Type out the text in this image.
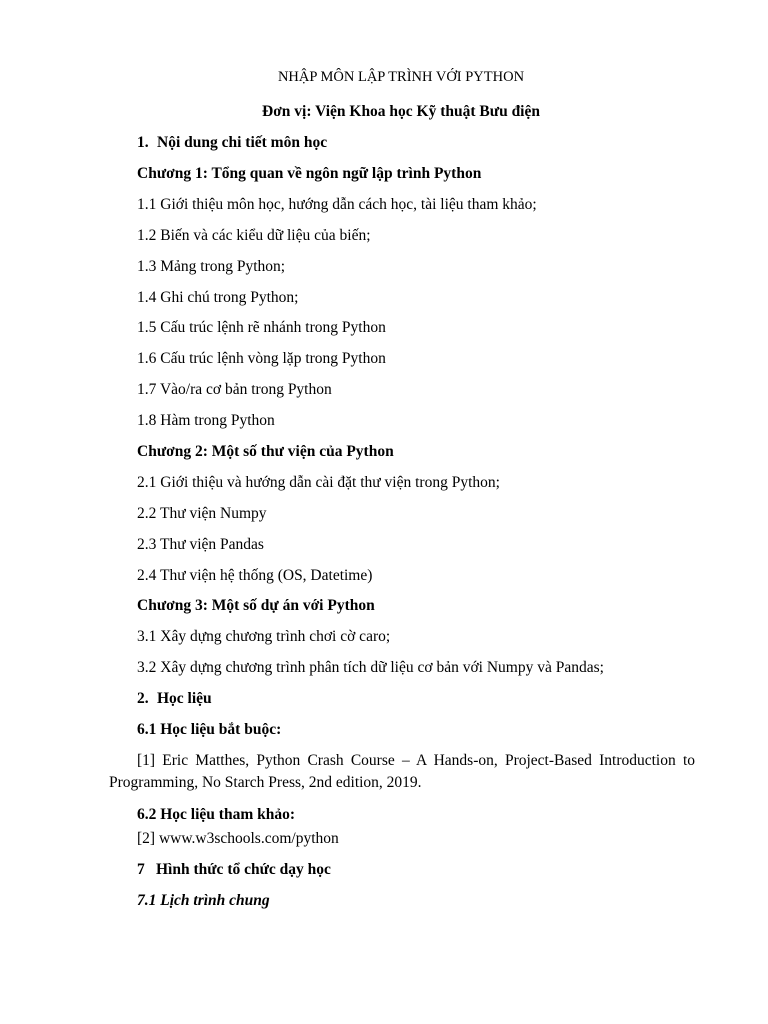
NHẬP MÔN LẬP TRÌNH VỚI PYTHON
Đơn vị: Viện Khoa học Kỹ thuật Bưu điện
1. Nội dung chi tiết môn học
Chương 1: Tổng quan về ngôn ngữ lập trình Python
1.1 Giới thiệu môn học, hướng dẫn cách học, tài liệu tham khảo;
1.2 Biến và các kiểu dữ liệu của biến;
1.3 Mảng trong Python;
1.4 Ghi chú trong Python;
1.5 Cấu trúc lệnh rẽ nhánh trong Python
1.6 Cấu trúc lệnh vòng lặp trong Python
1.7 Vào/ra cơ bản trong Python
1.8 Hàm trong Python
Chương 2: Một số thư viện của Python
2.1 Giới thiệu và hướng dẫn cài đặt thư viện trong Python;
2.2 Thư viện Numpy
2.3 Thư viện Pandas
2.4 Thư viện hệ thống (OS, Datetime)
Chương 3: Một số dự án với Python
3.1 Xây dựng chương trình chơi cờ caro;
3.2 Xây dựng chương trình phân tích dữ liệu cơ bản với Numpy và Pandas;
2. Học liệu
6.1 Học liệu bắt buộc:
[1] Eric Matthes, Python Crash Course – A Hands-on, Project-Based Introduction to Programming, No Starch Press, 2nd edition, 2019.
6.2 Học liệu tham khảo:
[2] www.w3schools.com/python
7 Hình thức tổ chức dạy học
7.1 Lịch trình chung
